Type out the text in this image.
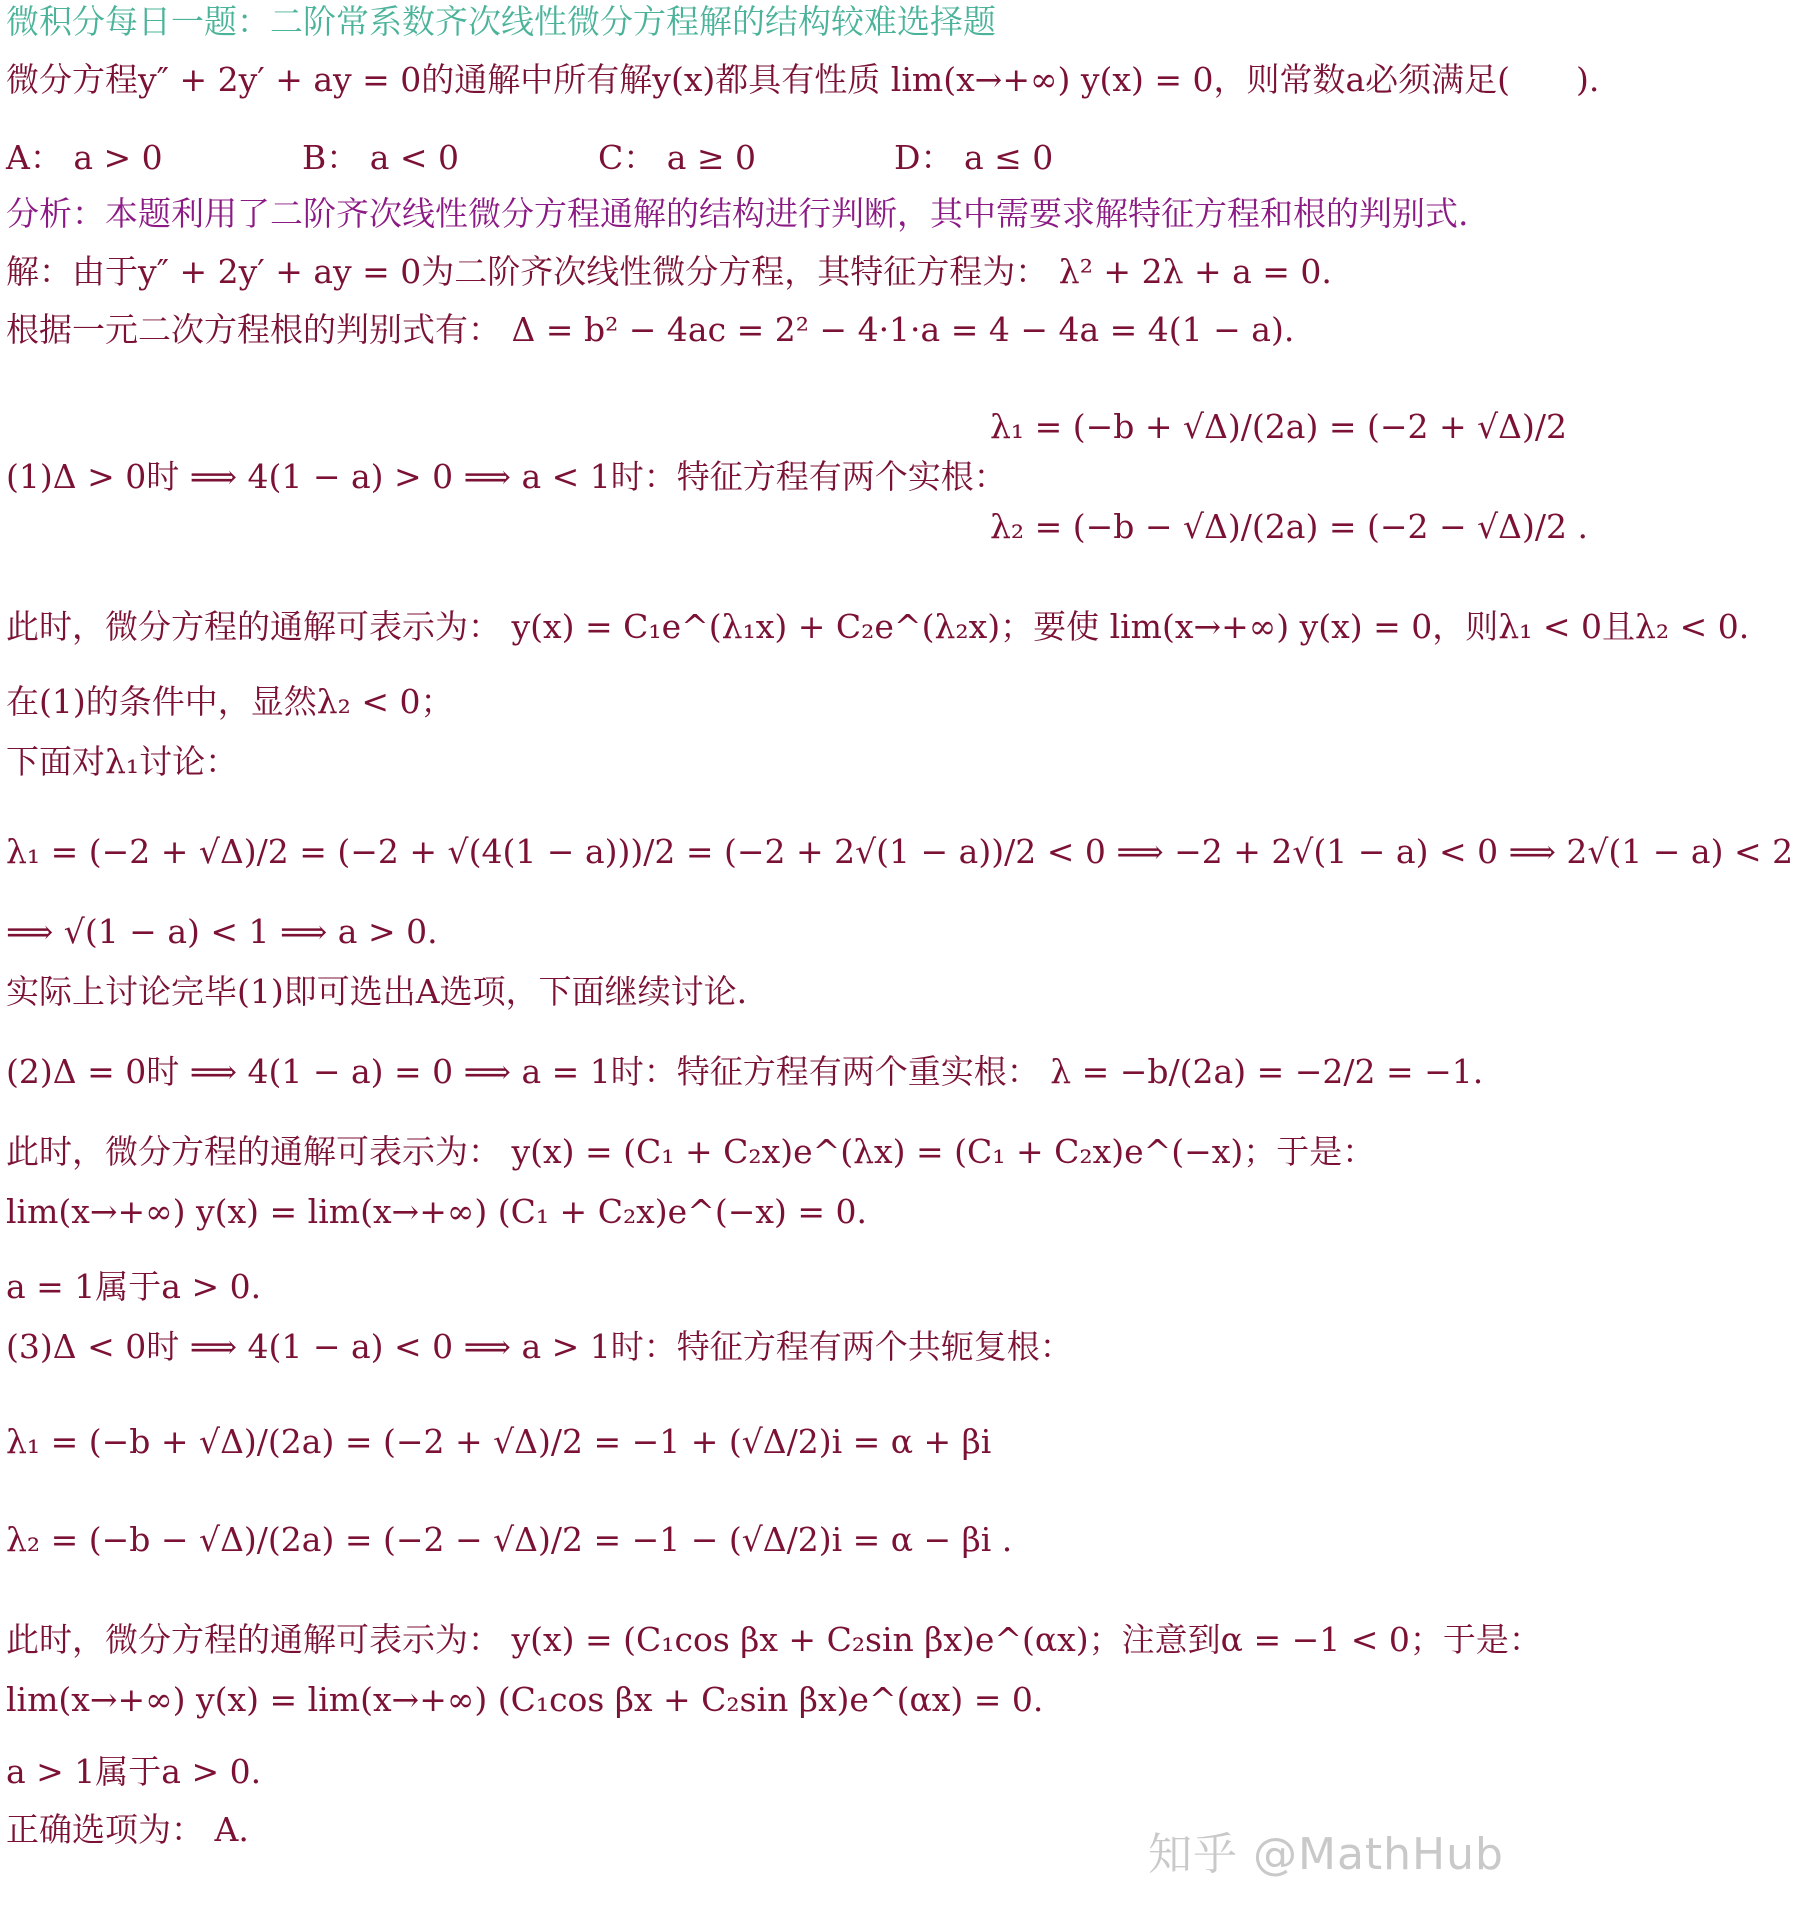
微积分每日一题：二阶常系数齐次线性微分方程解的结构较难选择题
微分方程y″ + 2y′ + ay = 0的通解中所有解y(x)都具有性质 lim(x→+∞) y(x) = 0，则常数a必须满足(　　).
A： a > 0	B： a < 0	C： a ≥ 0	D： a ≤ 0
分析：本题利用了二阶齐次线性微分方程通解的结构进行判断，其中需要求解特征方程和根的判别式.
解：由于y″ + 2y′ + ay = 0为二阶齐次线性微分方程，其特征方程为： λ² + 2λ + a = 0.
根据一元二次方程根的判别式有： Δ = b² − 4ac = 2² − 4·1·a = 4 − 4a = 4(1 − a).
λ₁ = (−b + √Δ)/(2a) = (−2 + √Δ)/2
(1)Δ > 0时 ⟹ 4(1 − a) > 0 ⟹ a < 1时：特征方程有两个实根：
λ₂ = (−b − √Δ)/(2a) = (−2 − √Δ)/2 .
此时，微分方程的通解可表示为： y(x) = C₁e^(λ₁x) + C₂e^(λ₂x)；要使 lim(x→+∞) y(x) = 0，则λ₁ < 0且λ₂ < 0.
在(1)的条件中，显然λ₂ < 0；
下面对λ₁讨论：
λ₁ = (−2 + √Δ)/2 = (−2 + √(4(1 − a)))/2 = (−2 + 2√(1 − a))/2 < 0 ⟹ −2 + 2√(1 − a) < 0 ⟹ 2√(1 − a) < 2
⟹ √(1 − a) < 1 ⟹ a > 0.
实际上讨论完毕(1)即可选出A选项，下面继续讨论.
(2)Δ = 0时 ⟹ 4(1 − a) = 0 ⟹ a = 1时：特征方程有两个重实根： λ = −b/(2a) = −2/2 = −1.
此时，微分方程的通解可表示为： y(x) = (C₁ + C₂x)e^(λx) = (C₁ + C₂x)e^(−x)；于是：
lim(x→+∞) y(x) = lim(x→+∞) (C₁ + C₂x)e^(−x) = 0.
a = 1属于a > 0.
(3)Δ < 0时 ⟹ 4(1 − a) < 0 ⟹ a > 1时：特征方程有两个共轭复根：
λ₁ = (−b + √Δ)/(2a) = (−2 + √Δ)/2 = −1 + (√Δ/2)i = α + βi
λ₂ = (−b − √Δ)/(2a) = (−2 − √Δ)/2 = −1 − (√Δ/2)i = α − βi .
此时，微分方程的通解可表示为： y(x) = (C₁cos βx + C₂sin βx)e^(αx)；注意到α = −1 < 0；于是：
lim(x→+∞) y(x) = lim(x→+∞) (C₁cos βx + C₂sin βx)e^(αx) = 0.
a > 1属于a > 0.
正确选项为： A.	知乎 @MathHub
